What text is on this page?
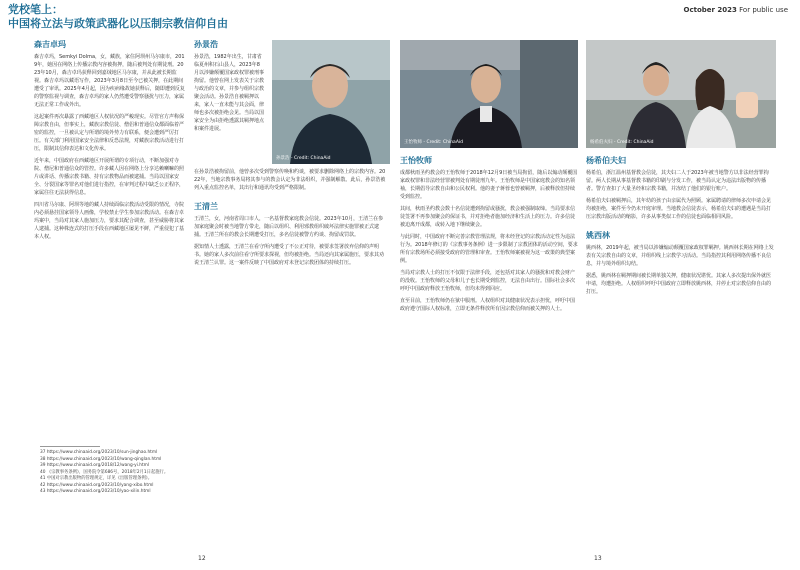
党校笔上：
中国将立法与政策武器化以压制宗教信仰自由
October 2023 For public use
森吉卓玛
森吉卓玛，Semkyi Dolma，女，藏族，家住阿坝州马尔康市，2019年，她因在网络上传播宗教内容被拘押，随后被判处有期徒刑。2023年10月，森吉卓玛获释回到嘉绒地区马尔康，并从此被长期监视。森吉卓玛以藏语写作，2023年3月8日至今已被关押，在此期间遭受了审讯。2025年4月起，因为疾病缘故她获释后，随即遭到反复的警察监视与调查，森吉卓玛的家人仍然遭受警察骚扰与压力，家属无法正常工作或外出。
这起案件再次暴露了西藏地区人权状况的严峻现实。尽管官方声称保障宗教自由，但事实上，藏族宗教信徒、僧侣和普通信众都面临着严密的监控，一旦被认定与所谓的境外势力有联系，便会遭到严厉打压。有关部门利用国家安全法律和反恐法规，对藏族宗教活动进行打压，限制其信仰表达和文化传承。
近年来，中国政府在西藏地区开展所谓的专项行动，不断加强对寺院、僧尼和普通信众的管控。许多藏人因在网络上分享达赖喇嘛的照片或讲话、传播宗教书籍、持有宗教物品而被逮捕。当局以国家安全、分裂国家等罪名对他们进行指控，在审判过程中缺乏公正程序，家属往往无法获得信息。
四川省马尔康、阿坝等地的藏人持续面临宗教活动受限的情况，寺院内必须悬挂国家领导人画像，学校禁止学生参加宗教活动。在森吉卓玛案中，当局对其家人施加压力，要求其配合调查，甚至威胁将其家人逮捕。这种株连式的打压手段在西藏地区屡见不鲜，严重侵犯了基本人权。
孙景浩
孙景浩，1982年出生，甘肃省临夏州积石山县人，2023年8月以涉嫌颠覆国家政权罪被刑事拘留。他曾在网上发表关于宗教与政治的文章，并参与组织宗教聚会活动。孙景浩自被羁押以来，家人一直未能与其会面，律师也多次被拒绝会见。当局以国家安全为由拒绝透露其羁押地点和案件进展。
孙景浩 - Credit: ChinaAid
在孙景浩被拘留前，他曾多次受到警察传唤和约谈，被要求删除网络上的宗教内容。2022年，当地宗教事务局将其参与的教会认定为非法组织，并强制解散。此后，孙景浩被列入重点监控名单，其出行和通讯均受到严格限制。
王清兰
王清兰，女，河南省周口市人，一名基督教家庭教会信徒。2023年10月，王清兰在参加家庭聚会时被当地警方带走，随后以组织、利用邪教组织破坏法律实施罪被正式逮捕。王清兰所在的教会长期遭受打压，多名信徒被警方约谈、拘留或罚款。
据知情人士透露，王清兰在看守所内遭受了不公正对待，被要求签署放弃信仰的声明书。她的家人多次前往看守所要求探视，但均被拒绝。当局还向其家属施压，要求其劝说王清兰认罪。这一案件反映了中国政府对未登记宗教团体的持续打压。
37 https://www.chinaaid.org/2023/10/sun-jinghao.html
38 https://www.chinaaid.org/2023/10/wang-qinglan.html
39 https://www.chinaaid.org/2018/12/wang-yi.html
40 《宗教事务条例》，国务院令第686号，2018年2月1日起施行。
41 中国对宗教出版物的管理规定，详见《出版管理条例》。
42 https://www.chinaaid.org/2023/10/yang-xibo.html
43 https://www.chinaaid.org/2023/10/yao-xilin.html
王怡牧师 - Credit: ChinaAid	杨希伯夫妇 - Credit: ChinaAid
王怡牧师
成都秋雨圣约教会的王怡牧师于2018年12月9日被当局拘留，随后以煽动颠覆国家政权罪和非法经营罪被判处有期徒刑九年。王怡牧师是中国家庭教会的知名领袖，长期倡导宗教自由和公民权利。他的妻子蒋蓉也曾被羁押，后被释放但持续受到监控。
其间，秋雨圣约教会数十名信徒遭到拘留或骚扰，教会被强制取缔。当局要求信徒签署不再参加聚会的保证书，并对拒绝者施加经济和生活上的压力。许多信徒被迫离开成都，或转入地下继续聚会。
与此同时，中国政府不断完善宗教管理法规，将未经登记的宗教活动定性为违法行为。2018年修订的《宗教事务条例》进一步限制了宗教团体的活动空间，要求所有宗教场所必须接受政府的管理和审查。王怡牧师案被视为这一政策的典型案例。
当局对宗教人士的打压不仅限于法律手段，还包括对其家人的骚扰和对教会财产的没收。王怡牧师的父母和儿子也长期受到监控，无法自由出行。国际社会多次呼吁中国政府释放王怡牧师，但均未得到回应。
直至目前，王怡牧师仍在狱中服刑。人权组织对其健康状况表示担忧，呼吁中国政府遵守国际人权标准，立即无条件释放所有因宗教信仰而被关押的人士。
杨希伯夫妇
杨希伯，浙江温州基督教会信徒，其夫妇二人于2023年被当地警方以非法经营罪拘留。两人长期从事基督教书籍的印刷与分发工作，被当局认定为违法出版物的传播者。警方查扣了大量圣经和宗教书籍，并冻结了他们的银行账户。
杨希伯夫妇被羁押后，其年幼的孩子由亲属代为照顾。家属聘请的律师多次申请会见均被拒绝，案件至今仍未开庭审理。当地教会信徒表示，杨希伯夫妇的遭遇是当局打压宗教出版活动的缩影，许多从事类似工作的信徒也面临相同风险。
姚西林
姚西林，2019年起，被当局以涉嫌煽动颠覆国家政权罪羁押。姚西林长期在网络上发表有关宗教自由的文章，并组织线上宗教学习活动。当局指控其利用网络传播不良信息，并与境外组织勾结。
据悉，姚西林在羁押期间被长期单独关押，健康状况堪忧。其家人多次提出保外就医申请，均遭拒绝。人权组织呼吁中国政府立即释放姚西林，并停止对宗教信仰自由的打压。
12	13
